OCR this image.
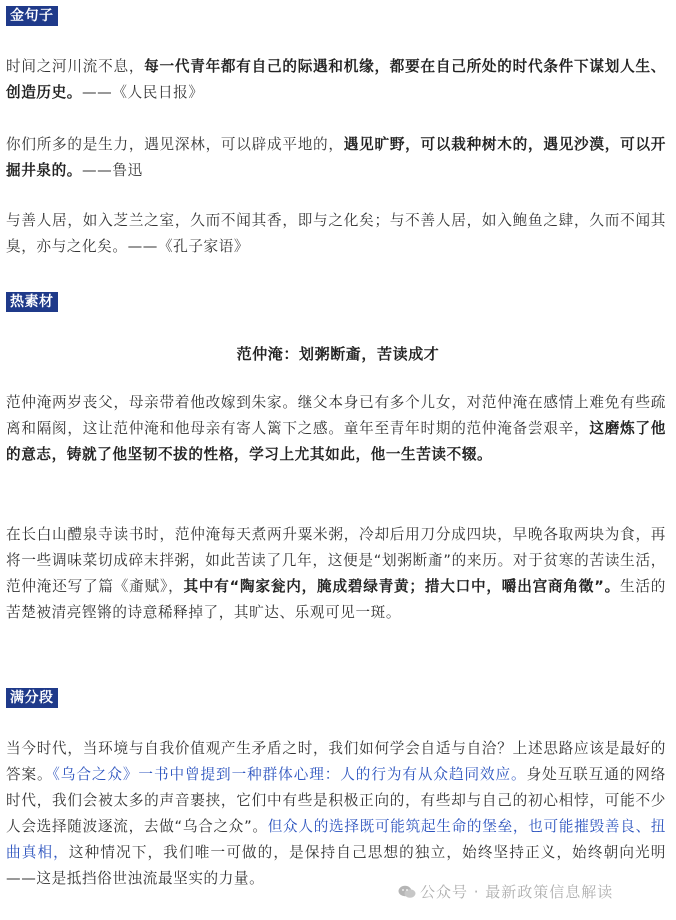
金句子

时间之河川流不息，每一代青年都有自己的际遇和机缘，都要在自己所处的时代条件下谋划人生、创造历史。——《人民日报》

你们所多的是生力，遇见深林，可以辟成平地的，遇见旷野，可以栽种树木的，遇见沙漠，可以开掘井泉的。——鲁迅

与善人居，如入芝兰之室，久而不闻其香，即与之化矣；与不善人居，如入鲍鱼之肆，久而不闻其臭，亦与之化矣。——《孔子家语》

热素材
范仲淹：划粥断齑，苦读成才

范仲淹两岁丧父，母亲带着他改嫁到朱家。继父本身已有多个儿女，对范仲淹在感情上难免有些疏离和隔阂，这让范仲淹和他母亲有寄人篱下之感。童年至青年时期的范仲淹备尝艰辛，这磨炼了他的意志，铸就了他坚韧不拔的性格，学习上尤其如此，他一生苦读不辍。

在长白山醴泉寺读书时，范仲淹每天煮两升粟米粥，冷却后用刀分成四块，早晚各取两块为食，再将一些调味菜切成碎末拌粥，如此苦读了几年，这便是“划粥断齑”的来历。对于贫寒的苦读生活，范仲淹还写了篇《齑赋》，其中有“陶家瓮内，腌成碧绿青黄；措大口中，嚼出宫商角徵”。生活的苦楚被清亮铿锵的诗意稀释掉了，其旷达、乐观可见一斑。

满分段

当今时代，当环境与自我价值观产生矛盾之时，我们如何学会自适与自洽？上述思路应该是最好的答案。《乌合之众》一书中曾提到一种群体心理：人的行为有从众趋同效应。身处互联互通的网络时代，我们会被太多的声音裹挟，它们中有些是积极正向的，有些却与自己的初心相悖，可能不少人会选择随波逐流，去做“乌合之众”。但众人的选择既可能筑起生命的堡垒，也可能摧毁善良、扭曲真相，这种情况下，我们唯一可做的，是保持自己思想的独立，始终坚持正义，始终朝向光明——这是抵挡俗世浊流最坚实的力量。

公众号 · 最新政策信息解读
